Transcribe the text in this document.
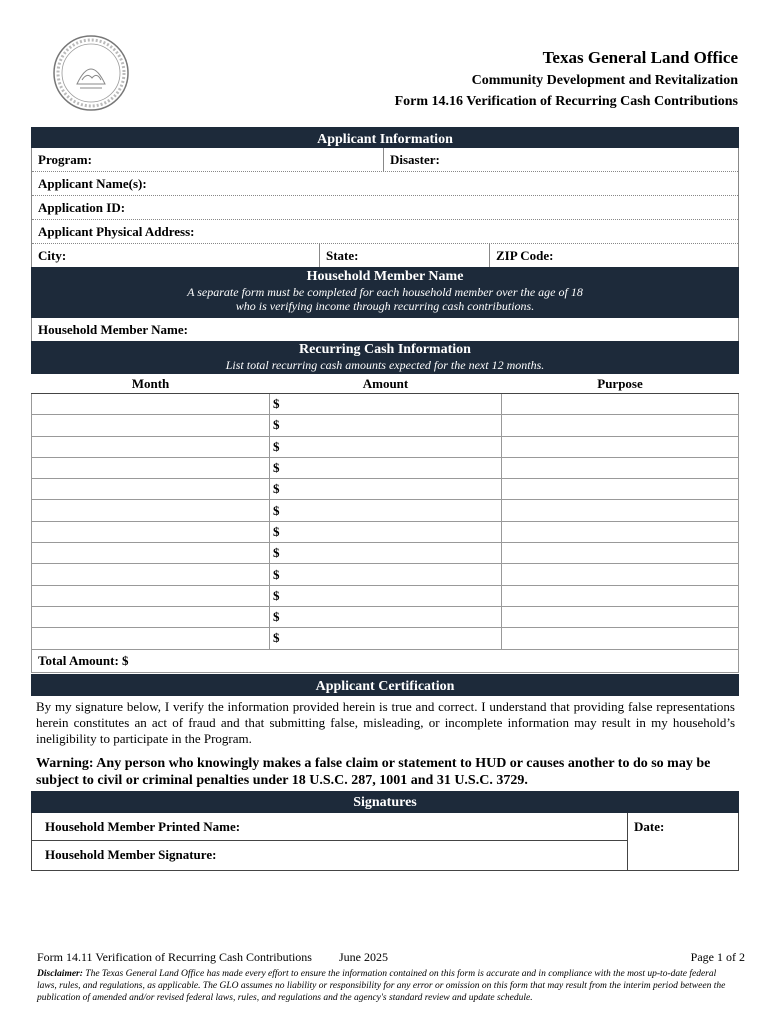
Texas General Land Office
Community Development and Revitalization
Form 14.16 Verification of Recurring Cash Contributions
Applicant Information
Program:	Disaster:
Applicant Name(s):
Application ID:
Applicant Physical Address:
City:	State:	ZIP Code:
Household Member Name
A separate form must be completed for each household member over the age of 18
who is verifying income through recurring cash contributions.
Household Member Name:
Recurring Cash Information
List total recurring cash amounts expected for the next 12 months.
Month	Amount	Purpose
	$	
	$	
	$	
	$	
	$	
	$	
	$	
	$	
	$	
	$	
	$	
	$	
Total Amount: $
Applicant Certification
By my signature below, I verify the information provided herein is true and correct. I understand that providing false representations herein constitutes an act of fraud and that submitting false, misleading, or incomplete information may result in my household’s ineligibility to participate in the Program.
Warning: Any person who knowingly makes a false claim or statement to HUD or causes another to do so may be subject to civil or criminal penalties under 18 U.S.C. 287, 1001 and 31 U.S.C. 3729.
Signatures
Household Member Printed Name:
Household Member Signature:
Date:
Form 14.11 Verification of Recurring Cash Contributions June 2025	Page 1 of 2
Disclaimer: The Texas General Land Office has made every effort to ensure the information contained on this form is accurate and in compliance with the most up-to-date federal laws, rules, and regulations, as applicable. The GLO assumes no liability or responsibility for any error or omission on this form that may result from the interim period between the publication of amended and/or revised federal laws, rules, and regulations and the agency's standard review and update schedule.
